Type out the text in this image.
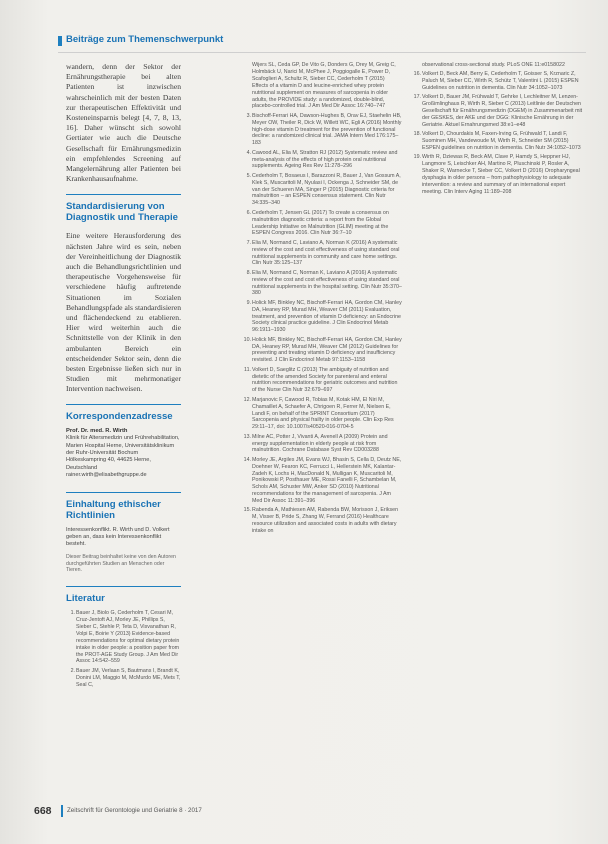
Beiträge zum Themenschwerpunkt

wandern, denn der Sektor der Ernährungstherapie bei alten Patienten ist inzwischen wahrscheinlich mit der besten Daten zur therapeutischen Effektivität und Kosteneinsparnis belegt [4, 7, 8, 13, 16]. Daher wünscht sich sowohl Gertiater wie auch die Deutsche Gesellschaft für Ernährungsmedizin ein empfehlendes Screening auf Mangelernährung aller Patienten bei Krankenhausaufnahme.

Standardisierung von Diagnostik und Therapie

Eine weitere Herausforderung des nächsten Jahre wird es sein, neben der Vereinheitlichung der Diagnostik auch die Behandlungsrichtlinien und therapeutische Vorgehensweise für verschiedene häufig auftretende Situationen im Sozialen Behandlungspfade als standardisieren und flächendeckend zu etablieren. Hier wird weiterhin auch die Schnittstelle von der Klinik in den ambulanten Bereich ein entscheidender Sektor sein, denn die besten Ergebnisse ließen sich nur in Studien mit mehrmonatiger Intervention nachweisen.

Korrespondenzadresse

Prof. Dr. med. R. Wirth

Klinik für Altersmedizin und Frührehabilitation,

Marien Hospital Herne, Universitätsklinikum

der Ruhr-Universität Bochum

Hölkeskampring 40, 44625 Herne, Deutschland

rainer.wirth@elisabethgruppe.de

Einhaltung ethischer Richtlinien

Interessenkonflikt. R. Wirth und D. Volkert geben an, dass kein Interessenkonflikt besteht.

Dieser Beitrag beinhaltet keine von den Autoren durchgeführten Studien an Menschen oder Tieren.

Literatur

1. Bauer J, Biolo G, Cederholm T, Cesari M, Cruz-Jentoft AJ, Morley JE, Phillips S, Sieber C, Stehle P, Teta D, Visvanathan R, Volpi E, Boirie Y (2013) Evidence-based recommendations for optimal dietary protein intake in older people: a position paper from the PROT-AGE Study Group. J Am Med Dir Assoc 14:542–559
2. Bauer JM, Verlaan S, Bautmans I, Brandt K, Donini LM, Maggio M, McMurdo ME, Mets T, Seal C,
Wijers SL, Ceda GP, De Vito G, Donders G, Drey M, Greig C, Holmbäck U, Narici M, McPhee J, Poggiogalle E, Power D, Scafoglieri A, Schultz R, Sieber CC, Cederholm T (2015) Effects of a vitamin D and leucine-enriched whey protein nutritional supplement on measures of sarcopenia in older adults, the PROVIDE study: a randomized, double-blind, placebo-controlled trial. J Am Med Dir Assoc 16:740–747
3. Bischoff-Ferrari HA, Dawson-Hughes B, Orav EJ, Staehelin HB, Meyer OW, Theiler R, Dick W, Willett WC, Egli A (2016) Monthly high-dose vitamin D treatment for the prevention of functional decline: a randomized clinical trial. JAMA Intern Med 176:175–183
4. Cawood AL, Elia M, Stratton RJ (2012) Systematic review and meta-analysis of the effects of high protein oral nutritional supplements. Ageing Res Rev 11:278–296
5. Cederholm T, Bosaeus I, Barazzoni R, Bauer J, Van Gossum A, Klek S, Muscaritoli M, Nyulasi I, Ockenga J, Schneider SM, de van der Schueren MA, Singer P (2015) Diagnostic criteria for malnutrition – an ESPEN consensus statement. Clin Nutr 34:335–340
6. Cederholm T, Jensen GL (2017) To create a consensus on malnutrition diagnostic criteria: a report from the Global Leadership Initiative on Malnutrition (GLIM) meeting at the ESPEN Congress 2016. Clin Nutr 36:7–10
7. Elia M, Normand C, Laviano A, Norman K (2016) A systematic review of the cost and cost effectiveness of using standard oral nutritional supplements in community and care home settings. Clin Nutr 35:125–137
8. Elia M, Normand C, Norman K, Laviano A (2016) A systematic review of the cost and cost effectiveness of using standard oral nutritional supplements in the hospital setting. Clin Nutr 35:370–380
9. Holick MF, Binkley NC, Bischoff-Ferrari HA, Gordon CM, Hanley DA, Heaney RP, Murad MH, Weaver CM (2011) Evaluation, treatment, and prevention of vitamin D deficiency: an Endocrine Society clinical practice guideline. J Clin Endocrinol Metab 96:1911–1930
10. Holick MF, Binkley NC, Bischoff-Ferrari HA, Gordon CM, Hanley DA, Heaney RP, Murad MH, Weaver CM (2012) Guidelines for preventing and treating vitamin D deficiency and insufficiency revisited. J Clin Endocrinol Metab 97:1153–1158
11. Volkert D, Saeglitz C (2013) The ambiguity of nutrition and dietetic of the amended Society for parenteral and enteral nutrition recommendations for geriatric outcomes and nutrition of the Nurse Clin Nutr 32:679–697
12. Marjanovic F, Cawood R, Tobias M, Kotak HM, El Niri M, Chamaillet A, Schaefer A, Chrigoen R, Ferrer M, Nielsen E, Landi F, on behalf of the SPRINT Consortium (2017) Sarcopenia and physical frailty in older people. Clin Exp Res 29:11–17, doi: 10.1007/s40520-016-0704-5
13. Milne AC, Potter J, Vivanti A, Avenell A (2009) Protein and energy supplementation in elderly people at risk from malnutrition. Cochrane Database Syst Rev CD003288
14. Morley JE, Argiles JM, Evans WJ, Bhasin S, Cella D, Deutz NE, Doehner W, Fearon KC, Ferrucci L, Hellerstein MK, Kalantar-Zadeh K, Lochs H, MacDonald N, Mulligan K, Muscaritoli M, Ponikowski P, Posthauer ME, Rossi Fanelli F, Schambelan M, Schols AM, Schuster MW, Anker SD (2010) Nutritional recommendations for the management of sarcopenia. J Am Med Dir Assoc 11:391–396
15. Rabenda A, Mathiesen AM, Rabenda BW, Morisson J, Eriksen M, Visser B, Pride S, Zhang W, Ferrand (2016) Healthcare resource utilization and associated costs in adults with dietary intake on
observational cross-sectional study. PLoS ONE 11:e0158022
16. Volkert D, Beck AM, Berry E, Cederholm T, Goisser S, Krznaric Z, Paluch M, Sieber CC, Wirth R, Schütz T, Valentini L (2015) ESPEN Guidelines on nutrition in dementia. Clin Nutr 34:1052–1073
17. Volkert D, Bauer JM, Frühwald T, Gehrke I, Lechleitner M, Lenzen-Großimlinghaus R, Wirth R, Sieber C (2013) Leitlinie der Deutschen Gesellschaft für Ernährungsmedizin (DGEM) in Zusammenarbeit mit der GESKES, der AKE und der DGG: Klinische Ernährung in der Geriatrie. Aktuel Ernahrungsmed 38:e1–e48
18. Volkert D, Chourdakis M, Faxen-Irving G, Frühwald T, Landi F, Suominen MH, Vandewoude M, Wirth R, Schneider SM (2015) ESPEN guidelines on nutrition in dementia. Clin Nutr 34:1052–1073
19. Wirth R, Dziewas R, Beck AM, Clave P, Hamdy S, Heppner HJ, Langmore S, Leischker AH, Martino R, Pluschinski P, Rosler A, Shaker R, Warnecke T, Sieber CC, Volkert D (2016) Oropharyngeal dysphagia in older persons – from pathophysiology to adequate intervention: a review and summary of an international expert meeting. Clin Interv Aging 11:189–208
668 Zeitschrift für Gerontologie und Geriatrie 8 · 2017
